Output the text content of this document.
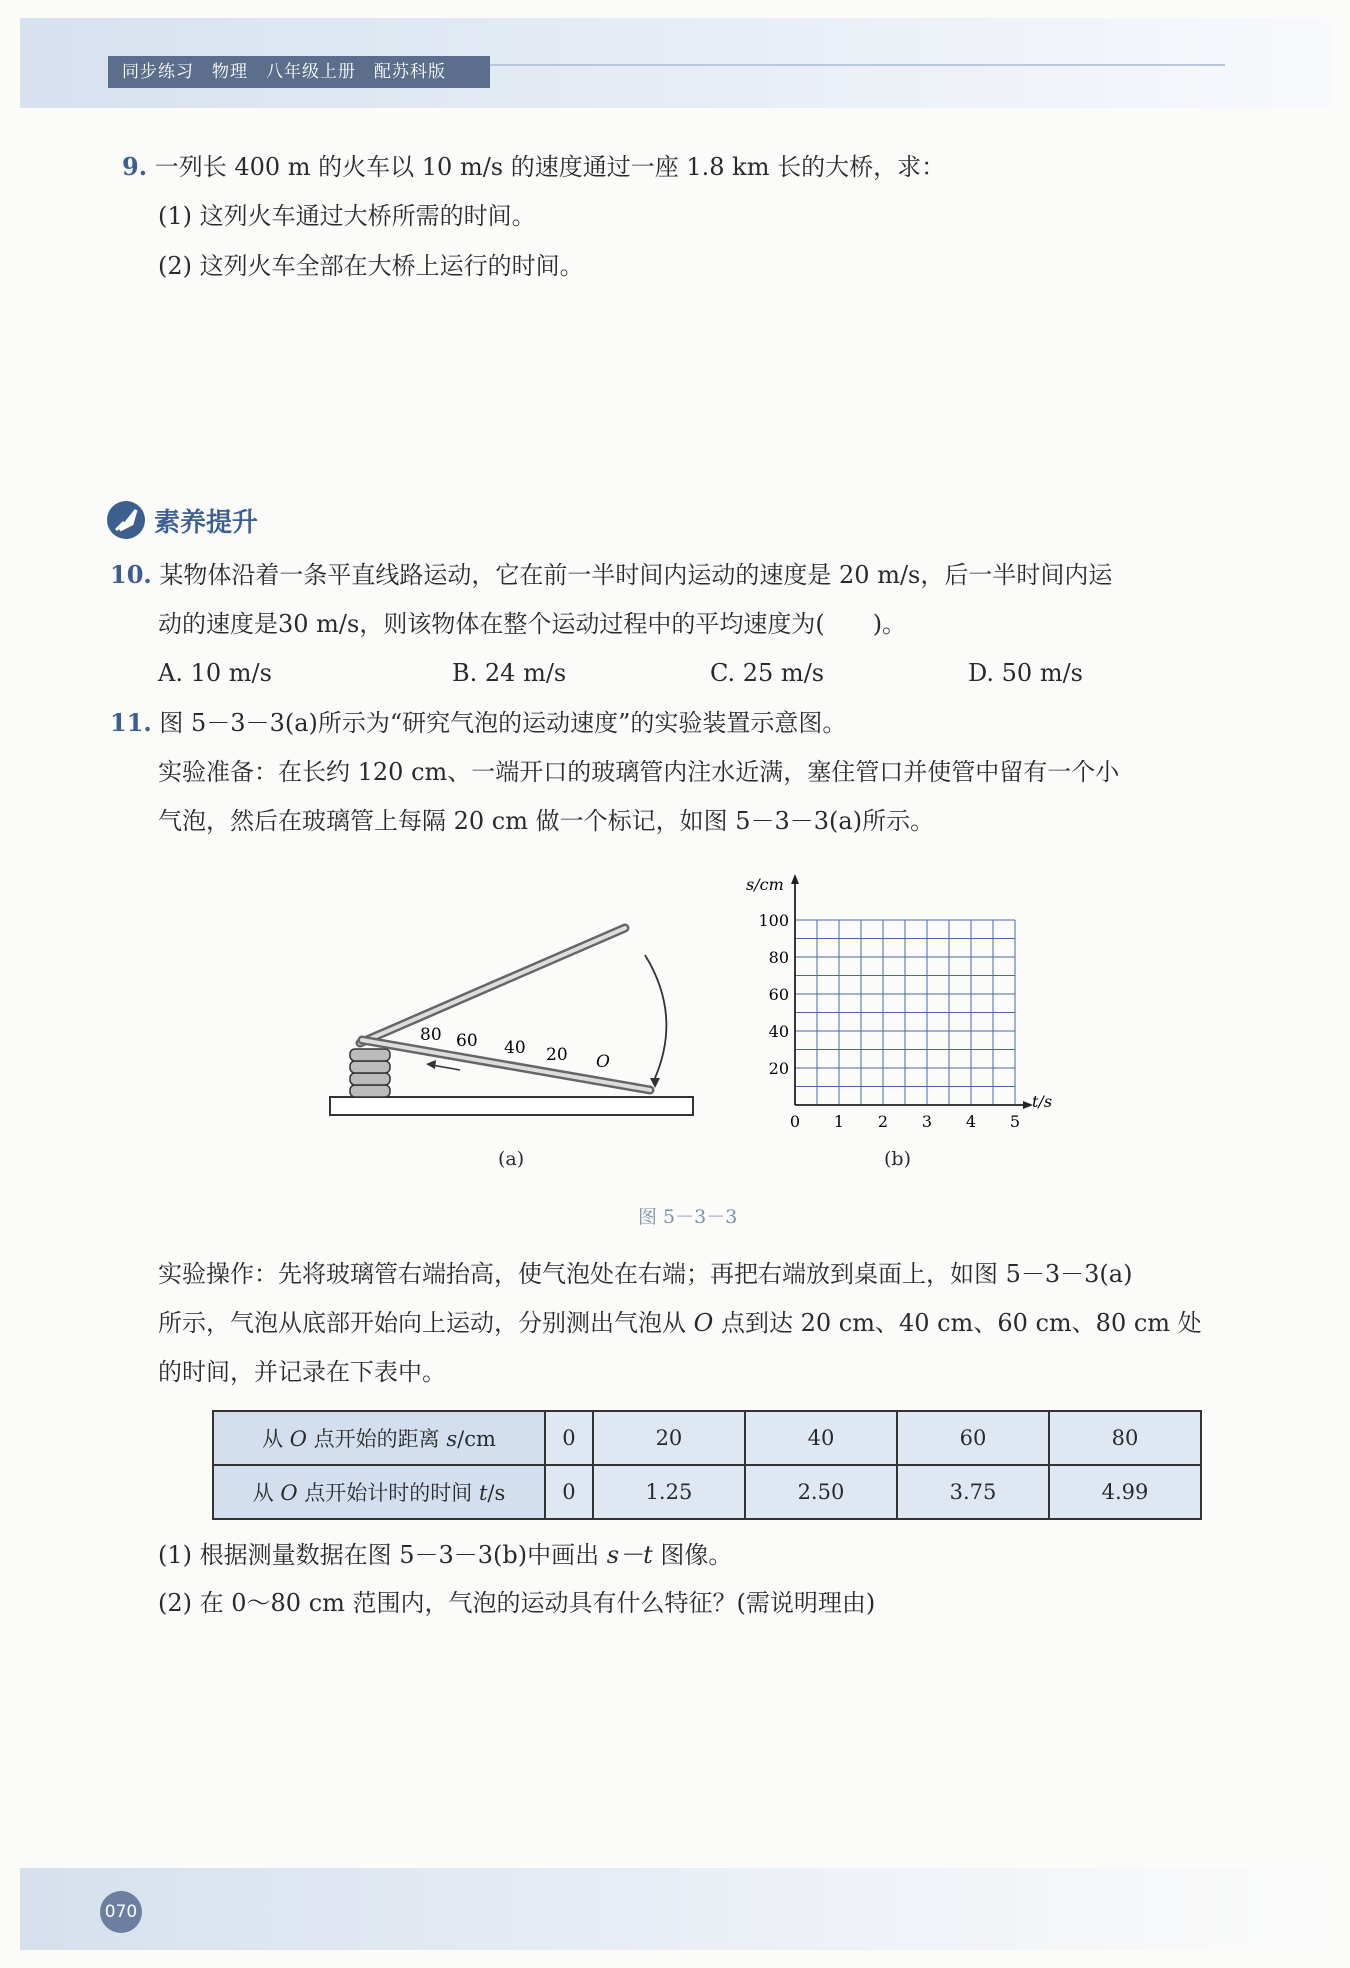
同步练习　物理　八年级上册　配苏科版
9. 一列长 400 m 的火车以 10 m/s 的速度通过一座 1.8 km 长的大桥，求：
(1) 这列火车通过大桥所需的时间。
(2) 这列火车全部在大桥上运行的时间。
素养提升
10. 某物体沿着一条平直线路运动，它在前一半时间内运动的速度是 20 m/s，后一半时间内运
动的速度是30 m/s，则该物体在整个运动过程中的平均速度为(　　)。
A. 10 m/s	B. 24 m/s	C. 25 m/s	D. 50 m/s
11. 图 5－3－3(a)所示为“研究气泡的运动速度”的实验装置示意图。
实验准备：在长约 120 cm、一端开口的玻璃管内注水近满，塞住管口并使管中留有一个小
气泡，然后在玻璃管上每隔 20 cm 做一个标记，如图 5－3－3(a)所示。
80 60 40 20 O
(a)
s/cm
t/s
0 1 2 3 4 5
20
40
60
80
100
(b)
图 5－3－3
实验操作：先将玻璃管右端抬高，使气泡处在右端；再把右端放到桌面上，如图 5－3－3(a)
所示，气泡从底部开始向上运动，分别测出气泡从 O 点到达 20 cm、40 cm、60 cm、80 cm 处
的时间，并记录在下表中。
从 O 点开始的距离 s/cm	0	20	40	60	80
从 O 点开始计时的时间 t/s	0	1.25	2.50	3.75	4.99
(1) 根据测量数据在图 5－3－3(b)中画出 s－t 图像。
(2) 在 0～80 cm 范围内，气泡的运动具有什么特征？(需说明理由)
070
